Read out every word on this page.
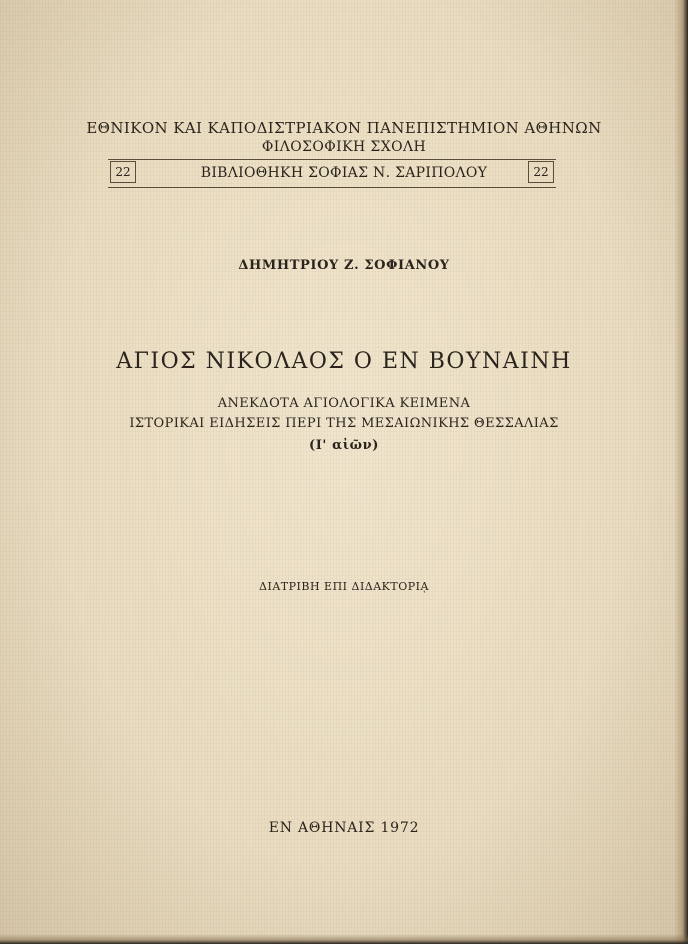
ΕΘΝΙΚΟΝ ΚΑΙ ΚΑΠΟΔΙΣΤΡΙΑΚΟΝ ΠΑΝΕΠΙΣΤΗΜΙΟΝ ΑΘΗΝΩΝ
ΦΙΛΟΣΟΦΙΚΗ ΣΧΟΛΗ
22	ΒΙΒΛΙΟΘΗΚΗ ΣΟΦΙΑΣ Ν. ΣΑΡΙΠΟΛΟΥ	22
ΔΗΜΗΤΡΙΟΥ Ζ. ΣΟΦΙΑΝΟΥ
ΑΓΙΟΣ ΝΙΚΟΛΑΟΣ Ο ΕΝ ΒΟΥΝΑΙΝΗ
ΑΝΕΚΔΟΤΑ ΑΓΙΟΛΟΓΙΚΑ ΚΕΙΜΕΝΑ
ΙΣΤΟΡΙΚΑΙ ΕΙΔΗΣΕΙΣ ΠΕΡΙ ΤΗΣ ΜΕΣΑΙΩΝΙΚΗΣ ΘΕΣΣΑΛΙΑΣ
(Ι' αἰῶν)
ΔΙΑΤΡΙΒΗ ΕΠΙ ΔΙΔΑΚΤΟΡΙᾼ
ΕΝ ΑΘΗΝΑΙΣ 1972
